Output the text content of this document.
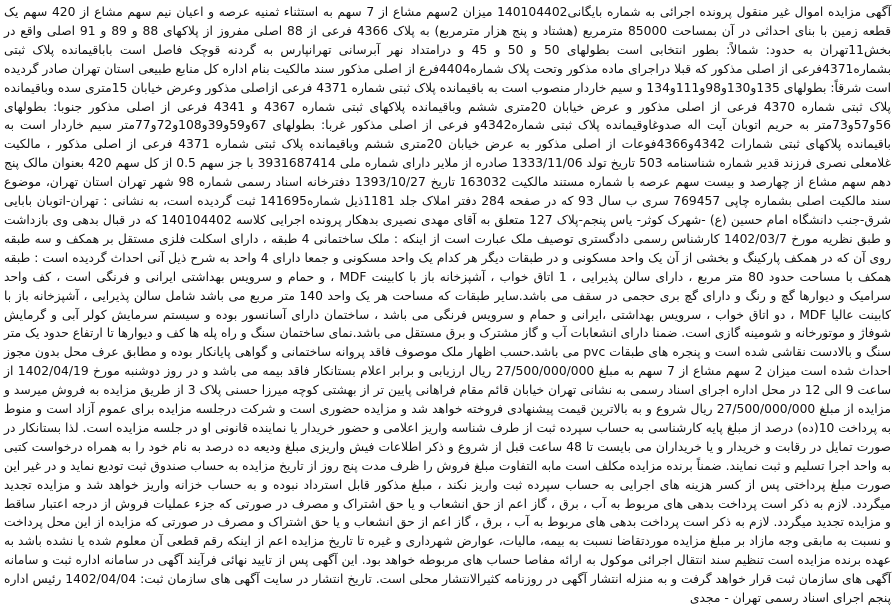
آگهی مزایده اموال غیر منقول پرونده اجرائی به شماره بایگانی140104402 میزان 2سهم مشاع از 7 سهم به استثناء ثمنیه عرصه و اعیان نیم سهم مشاع از 420 سهم یک قطعه زمین با بنای احداثی در آن بمساحت 85000 مترمربع (هشتاد و پنج هزار مترمربع) به پلاک 4366 فرعی از 88 اصلی مفروز از پلاکهای 88 و 89 و 91 اصلی واقع در بخش11تهران به حدود: شمالاً: بطور انتخابی است بطولهای 50 و 50 و 45 و درامتداد نهر آبرسانی تهرانپارس به گردنه قوچک فاصل است باباقیمانده پلاک ثبتی بشماره4371فرعی از اصلی مذکور که قبلا دراجرای ماده مذکور وتحت پلاک شماره4404فرع از اصلی مذکور سند مالکیت بنام اداره کل منابع طبیعی استان تهران صادر گردیده است شرقاً: بطولهای 135و130و98و111و134 و سیم خاردار منصوب است به باقیمانده پلاک ثبتی شماره 4371 فرعی ازاصلی مذکور وعرض خیابان 15متری سده وباقیمانده پلاک ثبتی شماره 4370 فرعی از اصلی مذکور و عرض خیابان 20متری ششم وباقیمانده پلاکهای ثبتی شماره 4367 و 4341 فرعی از اصلی مذکور جنوبا: بطولهای 56و57و73متر به حریم اتوبان آیت اله صدوغاوقیمانده پلاک ثبتی شماره4342و فرعی از اصلی مذکور غربا: بطولهای 67و59و39و108و72و77متر سیم خاردار است به باقیمانده پلاکهای ثبتی شمارات 4342و4366فوعات از اصلی مذکور به عرض خیابان 20متری ششم وباقیمانده پلاک ثبتی شماره 4371 فرعی از اصلی مذکور ، مالکیت غلامعلی نصری فرزند قدیر شماره شناسنامه 503 تاریخ تولد 1333/11/06 صادره از ملایر دارای شماره ملی 3931687414 با جز سهم 0.5 از کل سهم 420 بعنوان مالک پنج دهم سهم مشاع از چهارصد و بیست سهم عرصه با شماره مستند مالکیت 163032 تاریخ 1393/10/27 دفترخانه اسناد رسمی شماره 98 شهر تهران استان تهران، موضوع سند مالکیت اصلی بشماره چاپی 769457 سری ب سال 93 که در صفحه 284 دفتر املاک جلد 1181ذیل شماره141695 ثبت گردیده است، به نشانی : تهران-اتوبان بابایی شرق-جنب دانشگاه امام حسین (ع) -شهرک کوثر- یاس پنجم-پلاک 127 متعلق به آقای مهدی نصیری بدهکار پرونده اجرایی کلاسه 140104402 که در قبال بدهی وی بازداشت و طبق نظریه مورخ 1402/03/7 کارشناس رسمی دادگستری توصیف ملک عبارت است از اینکه : ملک ساختمانی 4 طبقه ، دارای اسکلت فلزی مستقل بر همکف و سه طبقه روی آن که در همکف پارکینگ و بخشی از آن یک واحد مسکونی و در طبقات دیگر هر کدام یک واحد مسکونی و جمعا دارای 4 واحد به شرح ذیل آنی احداث گردیده است : طبقه همکف با مساحت حدود 80 متر مربع ، دارای سالن پذیرایی ، 1 اتاق خواب ، آشپزخانه باز با کابینت MDF ، و حمام و سرویس بهداشتی ایرانی و فرنگی است ، کف واحد سرامیک و دیوارها گچ و رنگ و دارای گچ بری حجمی در سقف می باشد.سایر طبقات که مساحت هر یک واحد 140 متر مربع می باشد شامل سالن پذیرایی ، آشپزخانه باز با کابینت عالیا MDF ، دو اتاق خواب ، سرویس بهداشتی ،ایرانی و حمام و سرویس فرنگی می باشد ، ساختمان دارای آسانسور بوده و سیستم سرمایش کولر آبی و گرمایش شوفاژ و موتورخانه و شومینه گازی است. ضمنا دارای انشعابات آب و گاز مشترک و برق مستقل می باشد.نمای ساختمان سنگ و راه پله ها کف و دیوارها تا ارتفاع حدود یک متر سنگ و بالادست نقاشی شده است و پنجره های طبقات pvc می باشد.حسب اظهار ملک موصوف فاقد پروانه ساختمانی و گواهی پایانکار بوده و مطابق عرف محل بدون مجوز احداث شده است میزان 2 سهم مشاع از 7 سهم به مبلغ 27/500/000/000 ریال ارزیابی و برابر اعلام بستانکار فاقد بیمه می باشد و در روز دوشنبه مورخ 1402/04/19 از ساعت 9 الی 12 در محل اداره اجرای اسناد رسمی به نشانی تهران خیابان قائم مقام فراهانی پایین تر از بهشتی کوچه میرزا حسنی پلاک 3 از طریق مزایده به فروش میرسد و مزایده از مبلغ 27/500/000/000 ریال شروع و به بالاترین قیمت پیشنهادی فروخته خواهد شد و مزایده حضوری است و شرکت درجلسه مزایده برای عموم آزاد است و منوط به پرداخت 10(ده) درصد از مبلغ پایه کارشناسی به حساب سپرده ثبت از طرف شناسه واریز اعلامی و حضور خریدار یا نماینده قانونی او در جلسه مزایده است. لذا بستانکار در صورت تمایل در رقابت و خریدار و یا خریداران می بایست تا 48 ساعت قبل از شروع و ذکر اطلاعات فیش واریزی مبلغ ودیعه ده درصد به نام خود را به همراه درخواست کتبی به واحد اجرا تسلیم و ثبت نمایند. ضمناً برنده مزایده مکلف است مابه التفاوت مبلغ فروش را ظرف مدت پنج روز از تاریخ مزایده به حساب صندوق ثبت تودیع نماید و در غیر این صورت مبلغ پرداختی پس از کسر هزینه های اجرایی به حساب سپرده ثبت واریز نکند ، مبلغ مذکور قابل استرداد نبوده و به حساب خزانه واریز خواهد شد و مزایده تجدید میگردد. لازم به ذکر است پرداخت بدهی های مربوط به آب ، برق ، گاز اعم از حق انشعاب و یا حق اشتراک و مصرف در صورتی که جزء عملیات فروش از درجه اعتبار ساقط و مزایده تجدید میگردد. لازم به ذکر است پرداخت بدهی های مربوط به آب ، برق ، گاز اعم از حق انشعاب و یا حق اشتراک و مصرف در صورتی که مزایده از این محل پرداخت و نسبت به مابقی وجه مازاد بر مبلغ مزایده موردتقاضا نسبت به بیمه، مالیات، عوارض شهرداری و غیره تا تاریخ مزایده اعم از اینکه رقم قطعی آن معلوم شده یا نشده باشد به عهده برنده مزایده است تنظیم سند انتقال اجرائی موکول به ارائه مفاصا حساب های مربوطه خواهد بود. این آگهی پس از تایید نهائی فرآیند آگهی در سامانه اداره ثبت و سامانه آگهی های سازمان ثبت قرار خواهد گرفت و به منزله انتشار آگهی در روزنامه کثیرالانتشار محلی است. تاریخ انتشار در سایت آگهی های سازمان ثبت: 1402/04/04 رئیس اداره پنجم اجرای اسناد رسمی تهران - مجدی
